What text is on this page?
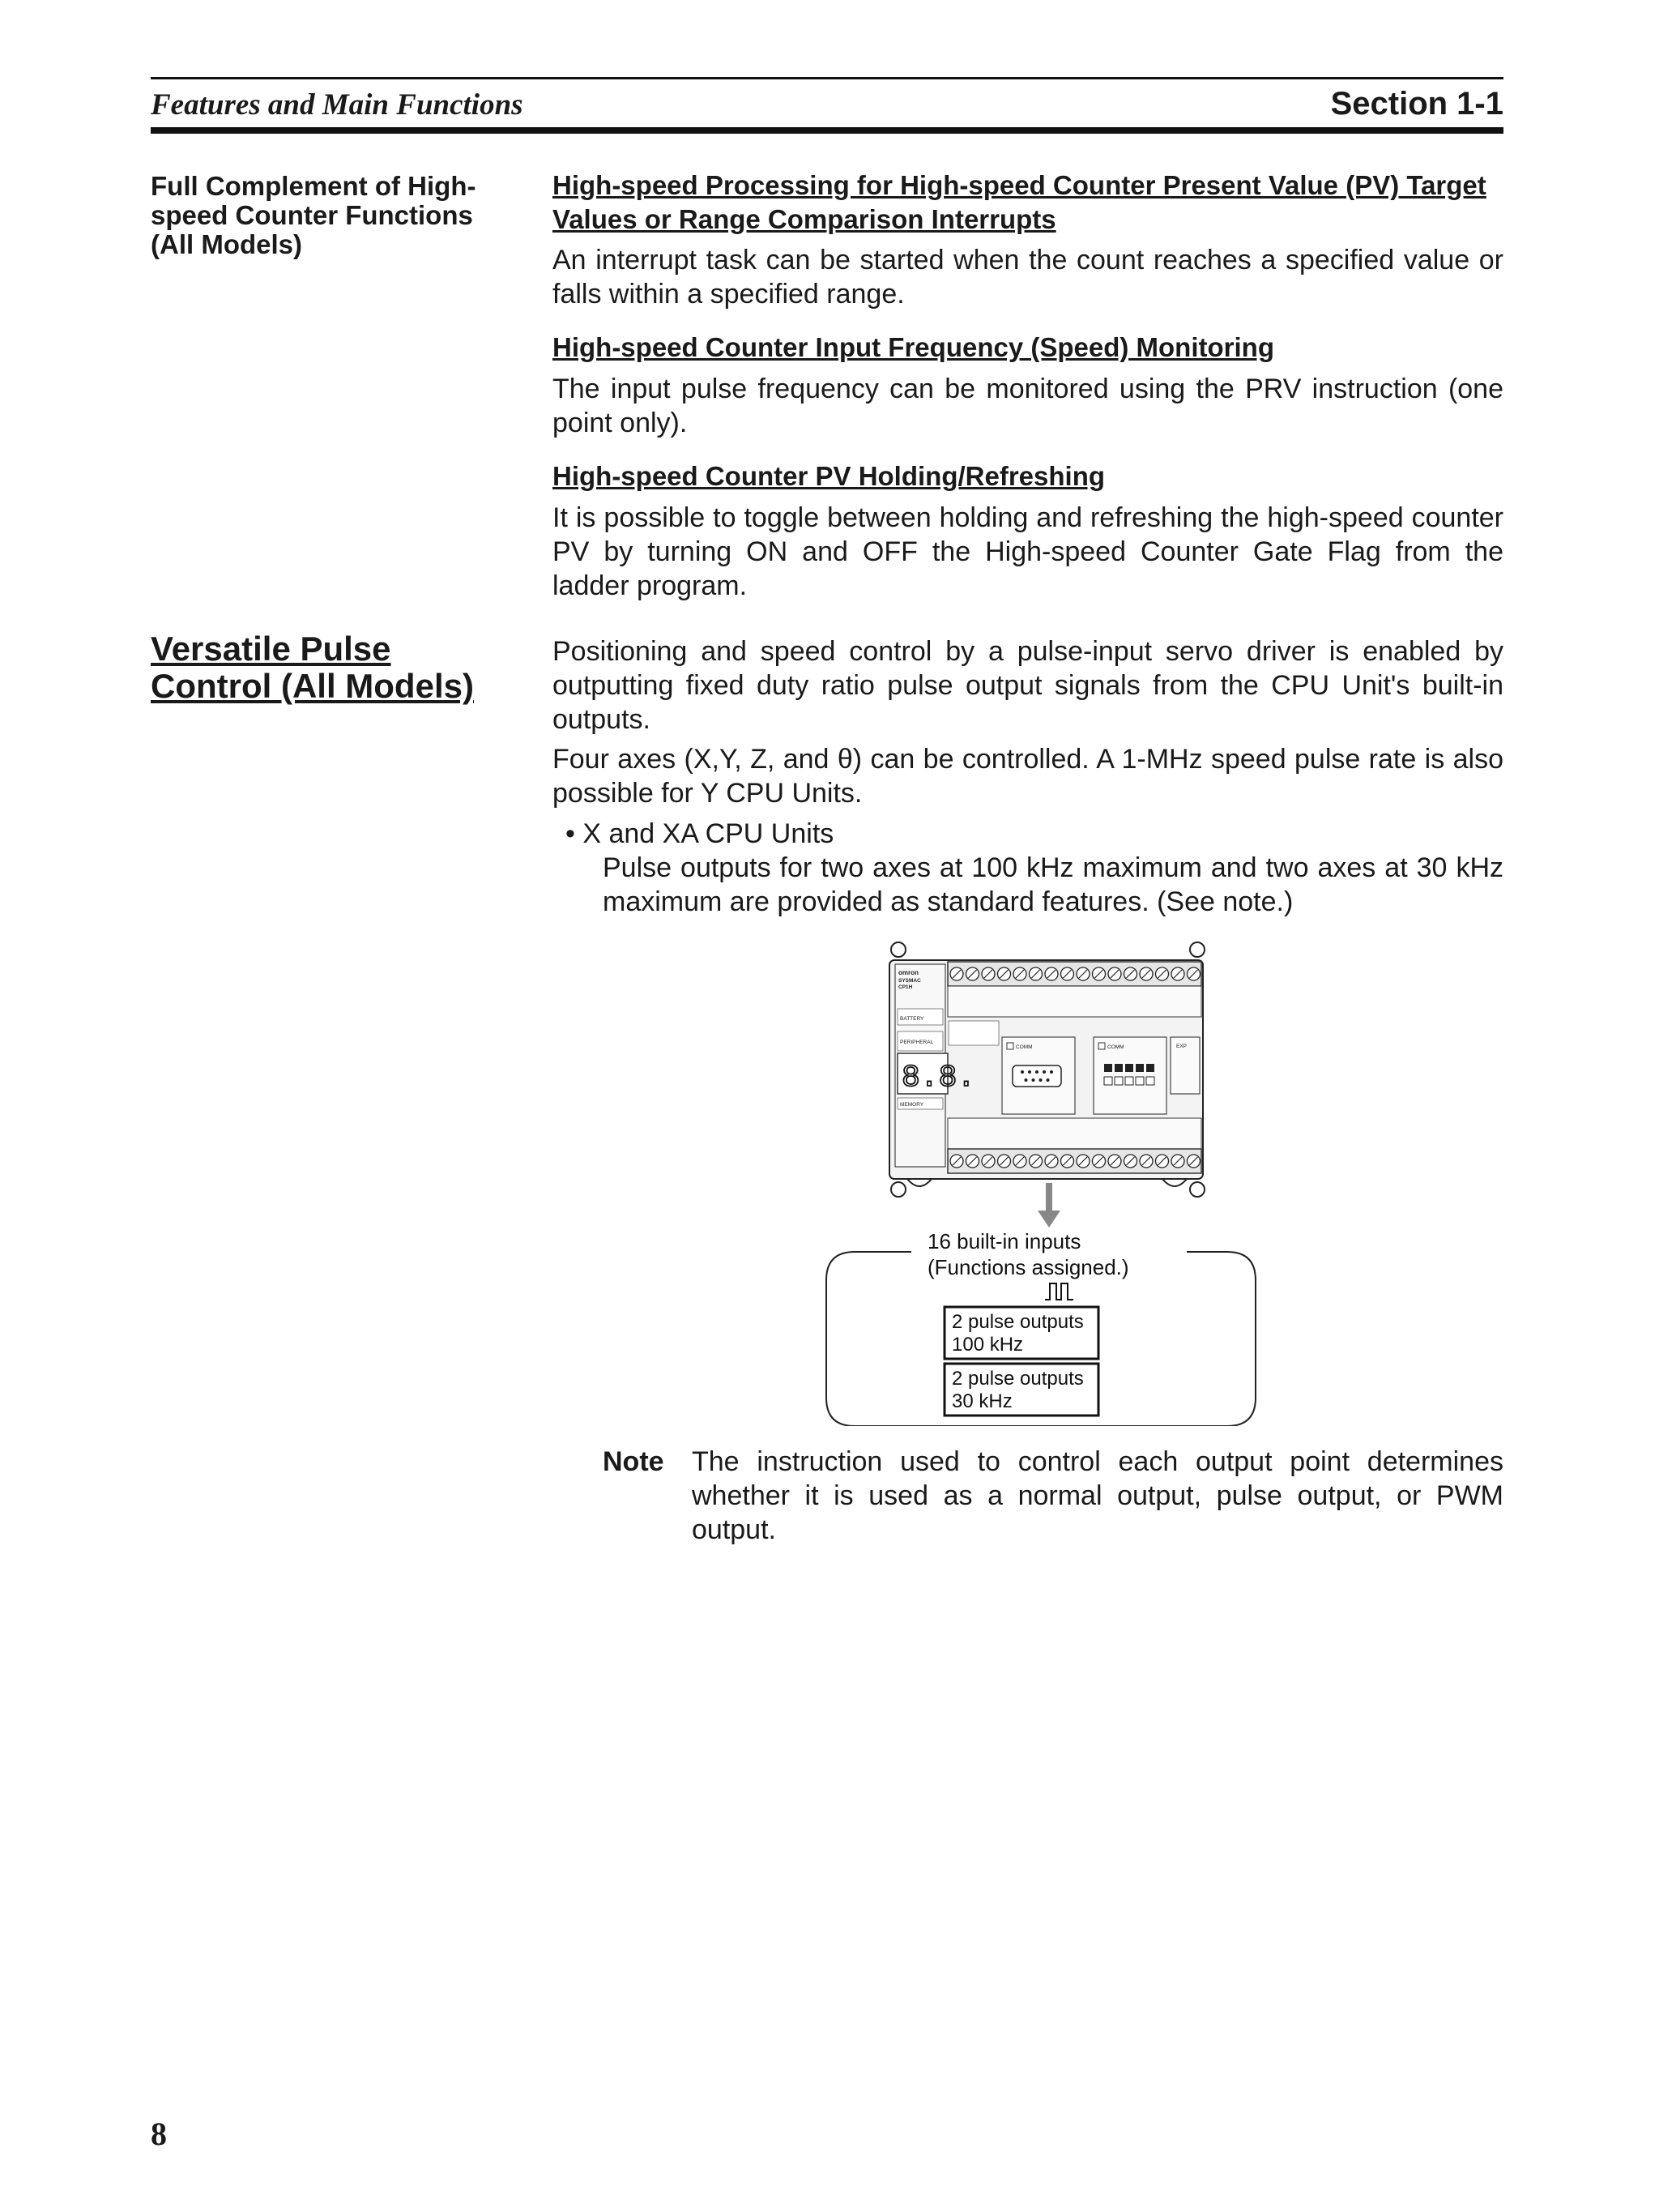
Features and Main Functions	Section 1-1
Full Complement of High-speed Counter Functions (All Models)
Versatile Pulse Control (All Models)
High-speed Processing for High-speed Counter Present Value (PV) Target Values or Range Comparison Interrupts
An interrupt task can be started when the count reaches a specified value or falls within a specified range.
High-speed Counter Input Frequency (Speed) Monitoring
The input pulse frequency can be monitored using the PRV instruction (one point only).
High-speed Counter PV Holding/Refreshing
It is possible to toggle between holding and refreshing the high-speed counter PV by turning ON and OFF the High-speed Counter Gate Flag from the ladder program.
Positioning and speed control by a pulse-input servo driver is enabled by outputting fixed duty ratio pulse output signals from the CPU Unit's built-in outputs.
Four axes (X,Y, Z, and θ) can be controlled. A 1-MHz speed pulse rate is also possible for Y CPU Units.
• X and XA CPU Units
Pulse outputs for two axes at 100 kHz maximum and two axes at 30 kHz maximum are provided as standard features. (See note.)
omron
SYSMAC
CP1H
BATTERY
PERIPHERAL
8.8.
MEMORY
COMM	COMM	EXP
16 built-in inputs
(Functions assigned.)
2 pulse outputs
100 kHz
2 pulse outputs
30 kHz
Note The instruction used to control each output point determines whether it is used as a normal output, pulse output, or PWM output.
8
